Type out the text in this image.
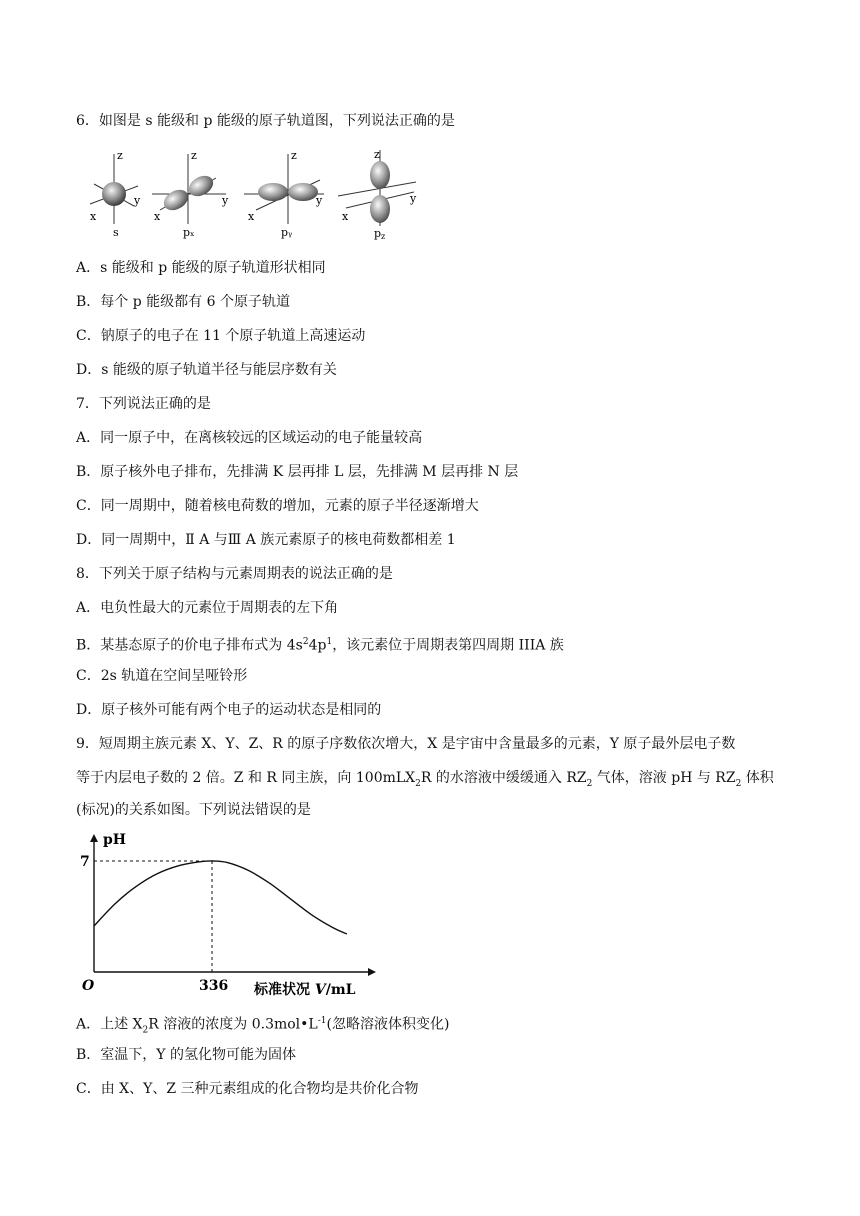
6．如图是 s 能级和 p 能级的原子轨道图，下列说法正确的是
z
y
x
s
z
y
x
pₓ
z
y
x
pᵧ
z
y
x
pz
A．s 能级和 p 能级的原子轨道形状相同
B．每个 p 能级都有 6 个原子轨道
C．钠原子的电子在 11 个原子轨道上高速运动
D．s 能级的原子轨道半径与能层序数有关
7．下列说法正确的是
A．同一原子中，在离核较远的区域运动的电子能量较高
B．原子核外电子排布，先排满 K 层再排 L 层，先排满 M 层再排 N 层
C．同一周期中，随着核电荷数的增加，元素的原子半径逐渐增大
D．同一周期中，Ⅱ A 与Ⅲ A 族元素原子的核电荷数都相差 1
8．下列关于原子结构与元素周期表的说法正确的是
A．电负性最大的元素位于周期表的左下角
B．某基态原子的价电子排布式为 $4s^24p^1$，该元素位于周期表第四周期 IIIA 族
C．2s 轨道在空间呈哑铃形
D．原子核外可能有两个电子的运动状态是相同的
9．短周期主族元素 X、Y、Z、R 的原子序数依次增大，X 是宇宙中含量最多的元素，Y 原子最外层电子数
等于内层电子数的 2 倍。Z 和 R 同主族，向 100mLX$_2$R 的水溶液中缓缓通入 $RZ_2$ 气体，溶液 pH 与 $RZ_2$ 体积
(标况)的关系如图。下列说法错误的是
pH
7
O	336 标准状况 V/mL
A．上述 $X_2R$ 溶液的浓度为 $0.3mol•L^{-1}$(忽略溶液体积变化)
B．室温下，Y 的氢化物可能为固体
C．由 X、Y、Z 三种元素组成的化合物均是共价化合物
